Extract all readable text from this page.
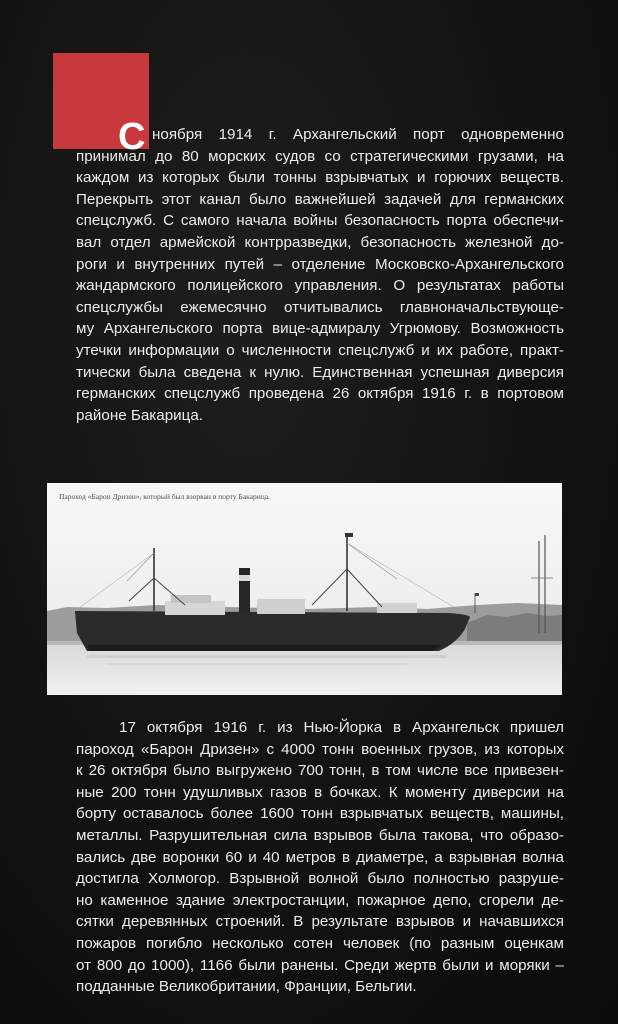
С ноября 1914 г. Архангельский порт одновременно
принимал до 80 морских судов со стратегическими грузами, на
каждом из которых были тонны взрывчатых и горючих веществ.
Перекрыть этот канал было важнейшей задачей для германских
спецслужб. С самого начала войны безопасность порта обеспечи-
вал отдел армейской контрразведки, безопасность железной до-
роги и внутренних путей – отделение Московско-Архангельского
жандармского полицейского управления. О результатах работы
спецслужбы ежемесячно отчитывались главноначальствующе-
му Архангельского порта вице-адмиралу Угрюмову. Возможность
утечки информации о численности спецслужб и их работе, практ-
тически была сведена к нулю. Единственная успешная диверсия
германских спецслужб проведена 26 октября 1916 г. в портовом
районе Бакарица.
Пароход «Барон Дризен», который был взорван в порту Бакарица.
17 октября 1916 г. из Нью-Йорка в Архангельск пришел
пароход «Барон Дризен» с 4000 тонн военных грузов, из которых
к 26 октября было выгружено 700 тонн, в том числе все привезен-
ные 200 тонн удушливых газов в бочках. К моменту диверсии на
борту оставалось более 1600 тонн взрывчатых веществ, машины,
металлы. Разрушительная сила взрывов была такова, что образо-
вались две воронки 60 и 40 метров в диаметре, а взрывная волна
достигла Холмогор. Взрывной волной было полностью разруше-
но каменное здание электростанции, пожарное депо, сгорели де-
сятки деревянных строений. В результате взрывов и начавшихся
пожаров погибло несколько сотен человек (по разным оценкам
от 800 до 1000), 1166 были ранены. Среди жертв были и моряки –
подданные Великобритании, Франции, Бельгии.
